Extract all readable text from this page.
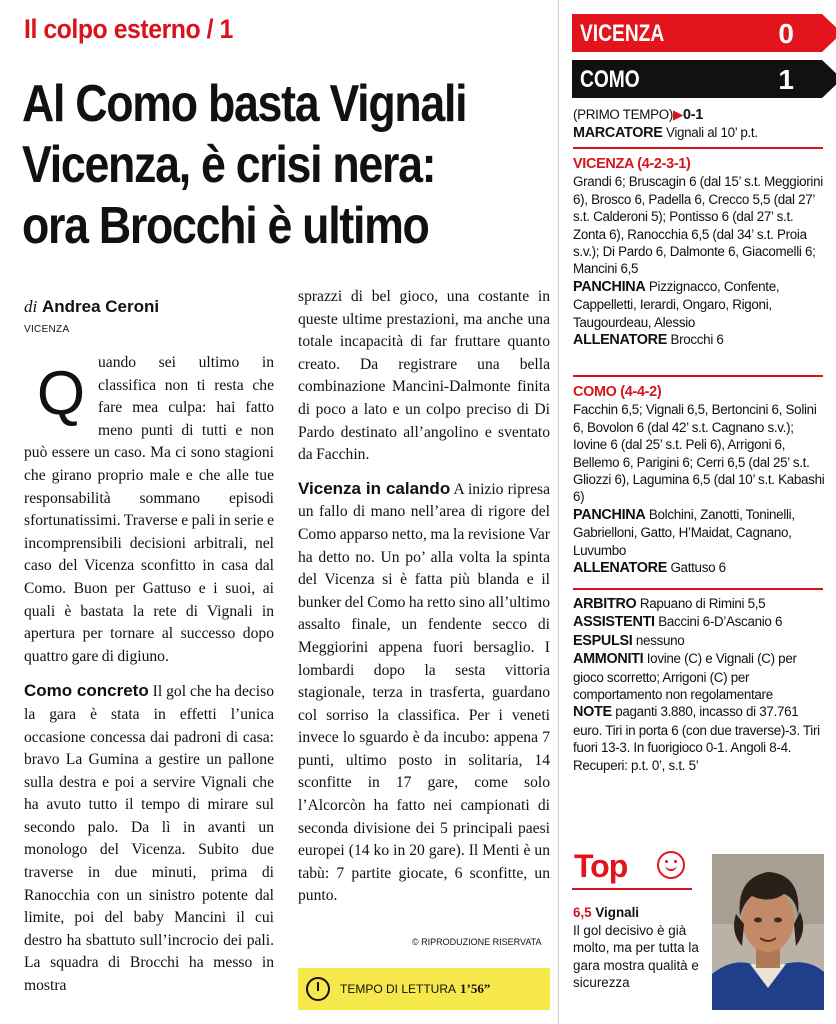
Il colpo esterno / 1
Al Como basta Vignali
Vicenza, è crisi nera:
ora Brocchi è ultimo
di Andrea Ceroni
VICENZA
Q uando sei ultimo in classifica non ti resta che fare mea culpa: hai fatto meno punti di tutti e non può essere un caso. Ma ci sono stagioni che girano proprio male e che alle tue responsabilità sommano episodi sfortunatissimi. Traverse e pali in serie e incomprensibili decisioni arbitrali, nel caso del Vicenza sconfitto in casa dal Como. Buon per Gattuso e i suoi, ai quali è bastata la rete di Vignali in apertura per tornare al successo dopo quattro gare di digiuno.

Como concreto Il gol che ha deciso la gara è stata in effetti l’unica occasione concessa dai padroni di casa: bravo La Gumina a gestire un pallone sulla destra e poi a servire Vignali che ha avuto tutto il tempo di mirare sul secondo palo. Da lì in avanti un monologo del Vicenza. Subito due traverse in due minuti, prima di Ranocchia con un sinistro potente dal limite, poi del baby Mancini il cui destro ha sbattuto sull’incrocio dei pali. La squadra di Brocchi ha messo in mostra

sprazzi di bel gioco, una costante in queste ultime prestazioni, ma anche una totale incapacità di far fruttare quanto creato. Da registrare una bella combinazione Mancini-Dalmonte finita di poco a lato e un colpo preciso di Di Pardo destinato all’angolino e sventato da Facchin.

Vicenza in calando A inizio ripresa un fallo di mano nell’area di rigore del Como apparso netto, ma la revisione Var ha detto no. Un po’ alla volta la spinta del Vicenza si è fatta più blanda e il bunker del Como ha retto sino all’ultimo assalto finale, un fendente secco di Meggiorini appena fuori bersaglio. I lombardi dopo la sesta vittoria stagionale, terza in trasferta, guardano col sorriso la classifica. Per i veneti invece lo sguardo è da incubo: appena 7 punti, ultimo posto in solitaria, 14 sconfitte in 17 gare, come solo l’Alcorcòn ha fatto nei campionati di seconda divisione dei 5 principali paesi europei (14 ko in 20 gare). Il Menti è un tabù: 7 partite giocate, 6 sconfitte, un punto.

© RIPRODUZIONE RISERVATA
TEMPO DI LETTURA 1’56”
VICENZA	0
COMO	1
(PRIMO TEMPO)▶0-1
MARCATORE Vignali al 10’ p.t.
VICENZA (4-2-3-1)
Grandi 6; Bruscagin 6 (dal 15’ s.t. Meggiorini 6), Brosco 6, Padella 6, Crecco 5,5 (dal 27’ s.t. Calderoni 5); Pontisso 6 (dal 27’ s.t. Zonta 6), Ranocchia 6,5 (dal 34’ s.t. Proia s.v.); Di Pardo 6, Dalmonte 6, Giacomelli 6; Mancini 6,5
PANCHINA Pizzignacco, Confente, Cappelletti, Ierardi, Ongaro, Rigoni, Taugourdeau, Alessio
ALLENATORE Brocchi 6
COMO (4-4-2)
Facchin 6,5; Vignali 6,5, Bertoncini 6, Solini 6, Bovolon 6 (dal 42’ s.t. Cagnano s.v.); Iovine 6 (dal 25’ s.t. Peli 6), Arrigoni 6, Bellemo 6, Parigini 6; Cerri 6,5 (dal 25’ s.t. Gliozzi 6), Lagumina 6,5 (dal 10’ s.t. Kabashi 6)
PANCHINA Bolchini, Zanotti, Toninelli, Gabrielloni, Gatto, H’Maidat, Cagnano, Luvumbo
ALLENATORE Gattuso 6
ARBITRO Rapuano di Rimini 5,5
ASSISTENTI Baccini 6-D’Ascanio 6
ESPULSI nessuno
AMMONITI Iovine (C) e Vignali (C) per gioco scorretto; Arrigoni (C) per comportamento non regolamentare
NOTE paganti 3.880, incasso di 37.761 euro. Tiri in porta 6 (con due traverse)-3. Tiri fuori 13-3. In fuorigioco 0-1. Angoli 8-4. Recuperi: p.t. 0’, s.t. 5’
Top
6,5 Vignali
Il gol decisivo è già molto, ma per tutta la gara mostra qualità e sicurezza
